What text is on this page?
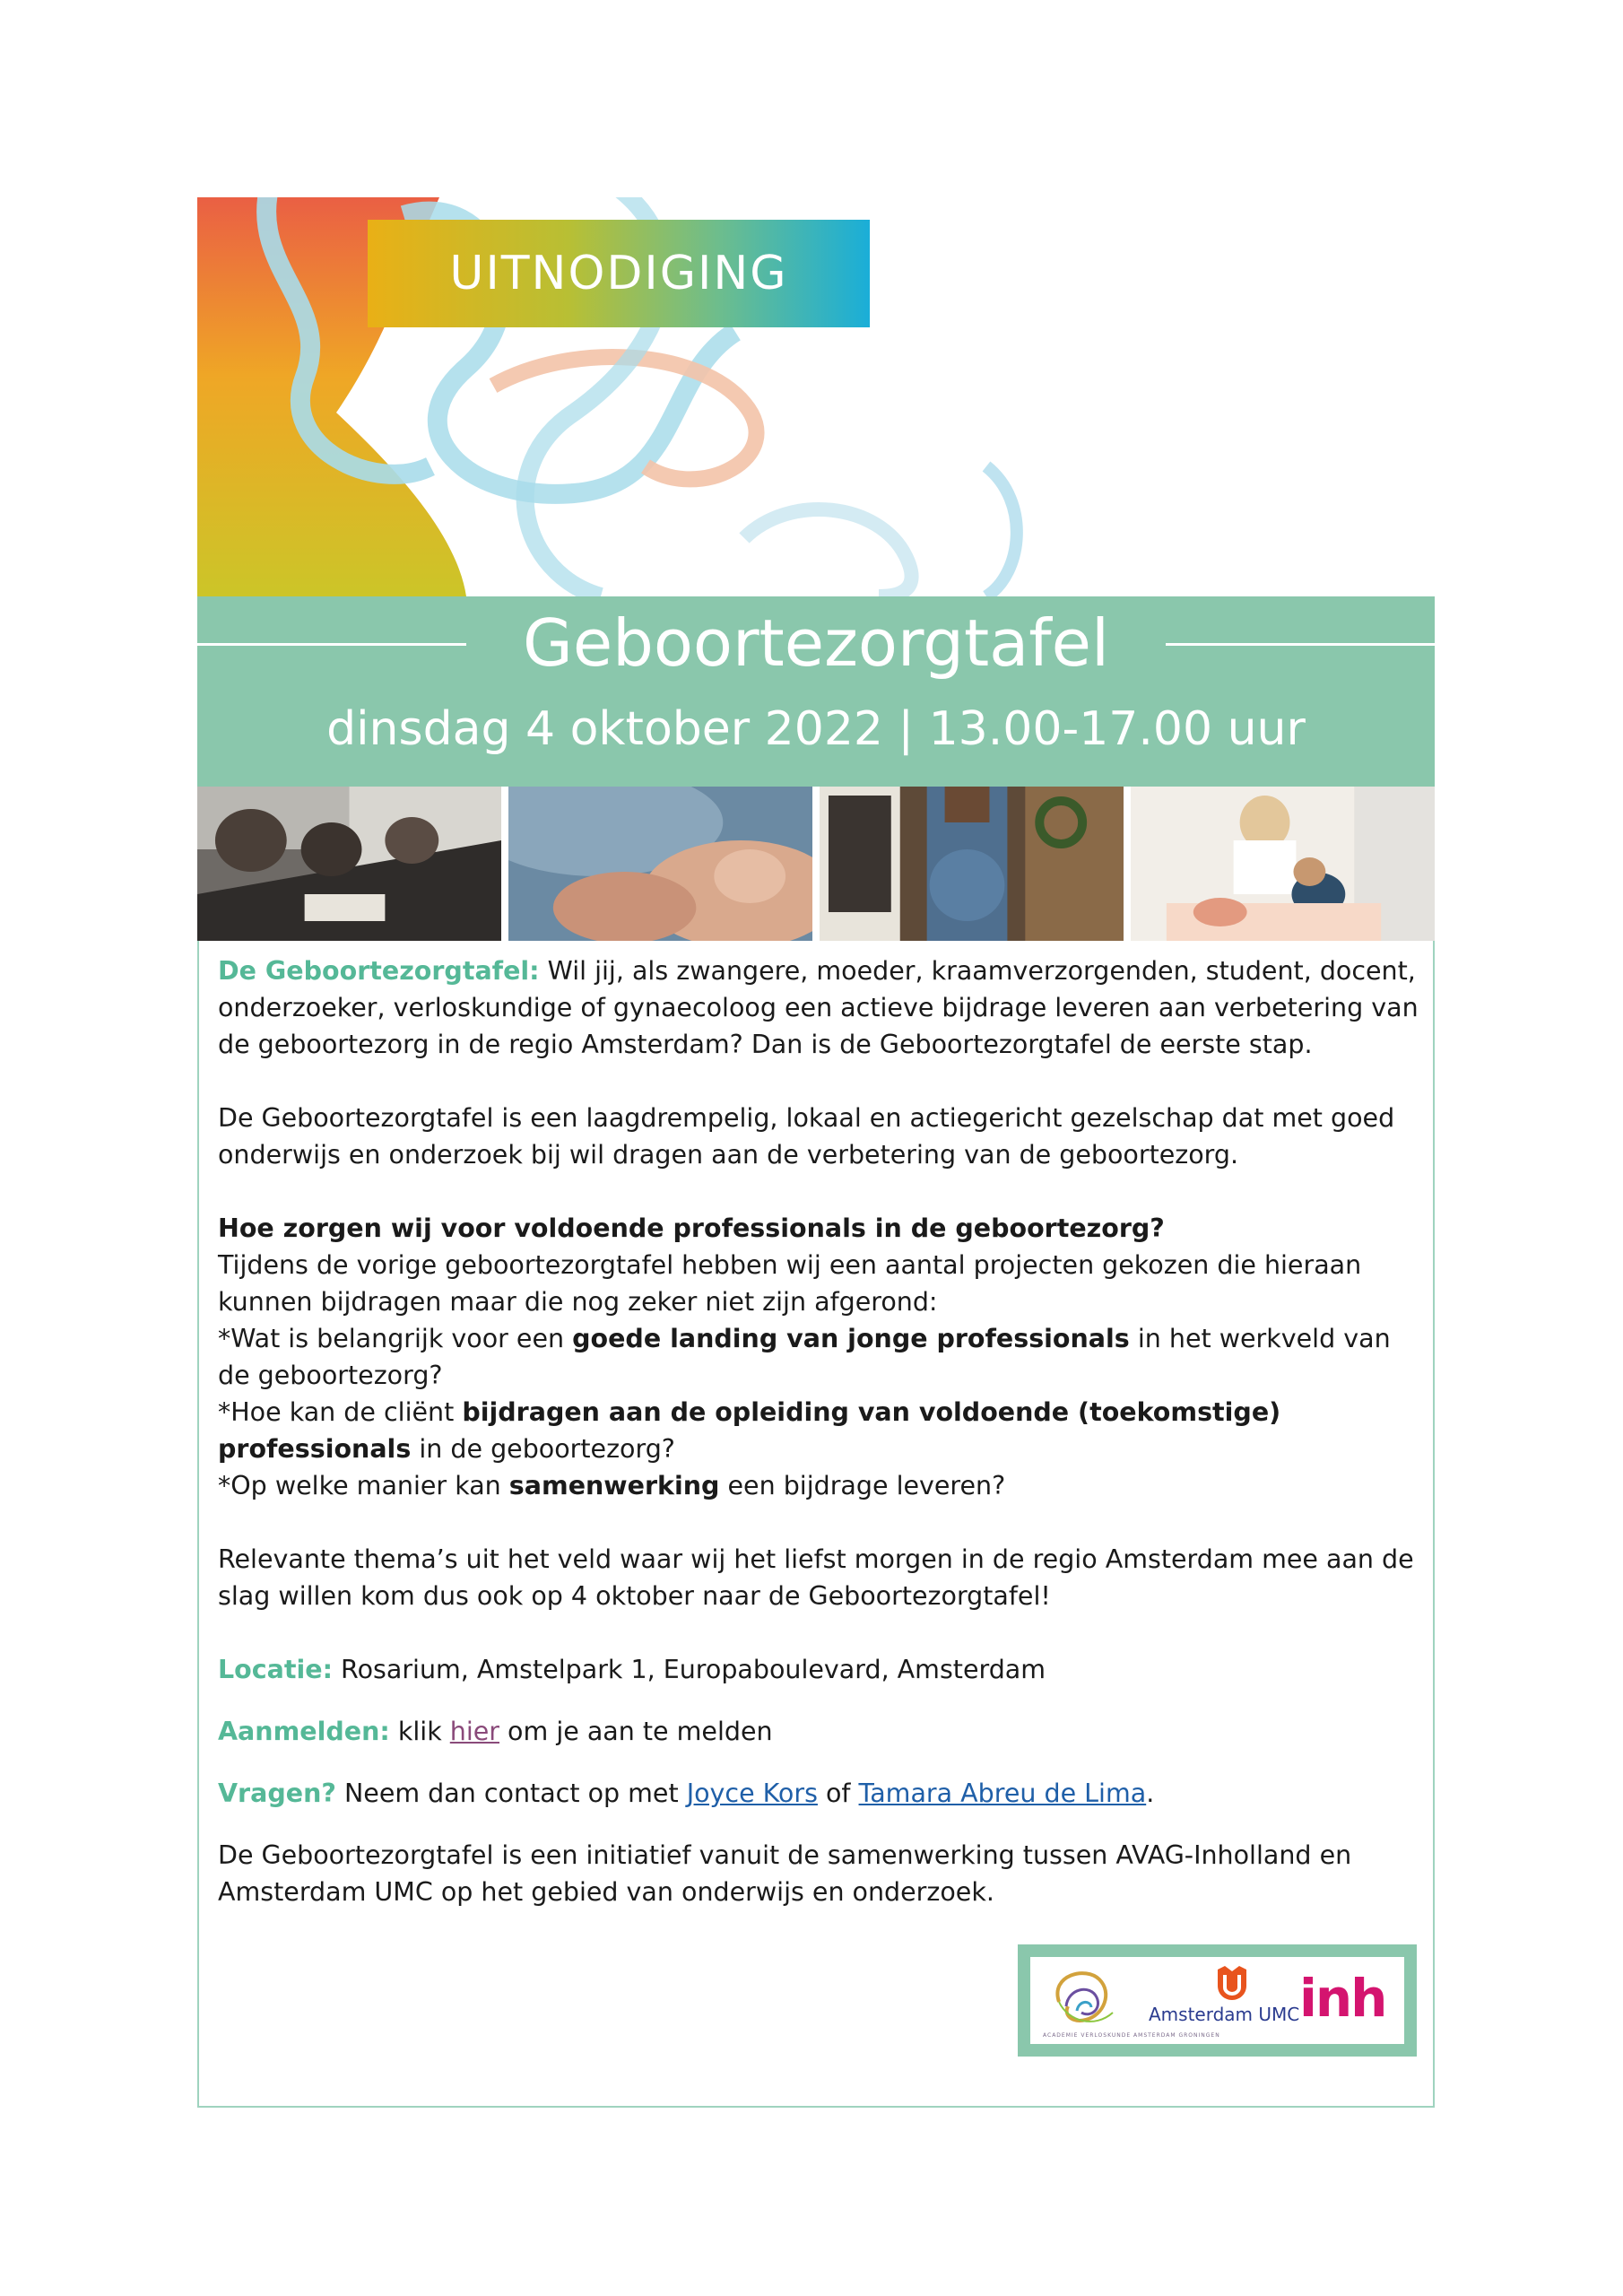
UITNODIGING
Geboortezorgtafel
dinsdag 4 oktober 2022 | 13.00-17.00 uur

De Geboortezorgtafel: Wil jij, als zwangere, moeder, kraamverzorgenden, student, docent, onderzoeker, verloskundige of gynaecoloog een actieve bijdrage leveren aan verbetering van de geboortezorg in de regio Amsterdam? Dan is de Geboortezorgtafel de eerste stap.

De Geboortezorgtafel is een laagdrempelig, lokaal en actiegericht gezelschap dat met goed onderwijs en onderzoek bij wil dragen aan de verbetering van de geboortezorg.

Hoe zorgen wij voor voldoende professionals in de geboortezorg?

Tijdens de vorige geboortezorgtafel hebben wij een aantal projecten gekozen die hieraan kunnen bijdragen maar die nog zeker niet zijn afgerond:

*Wat is belangrijk voor een goede landing van jonge professionals in het werkveld van de geboortezorg?

*Hoe kan de cliënt bijdragen aan de opleiding van voldoende (toekomstige) professionals in de geboortezorg?

*Op welke manier kan samenwerking een bijdrage leveren?

Relevante thema’s uit het veld waar wij het liefst morgen in de regio Amsterdam mee aan de slag willen kom dus ook op 4 oktober naar de Geboortezorgtafel!

Locatie: Rosarium, Amstelpark 1, Europaboulevard, Amsterdam

Aanmelden: klik hier om je aan te melden

Vragen? Neem dan contact op met Joyce Kors of Tamara Abreu de Lima.

De Geboortezorgtafel is een initiatief vanuit de samenwerking tussen AVAG-Inholland en Amsterdam UMC op het gebied van onderwijs en onderzoek.

ACADEMIE VERLOSKUNDE AMSTERDAM GRONINGEN
Amsterdam UMC inh
